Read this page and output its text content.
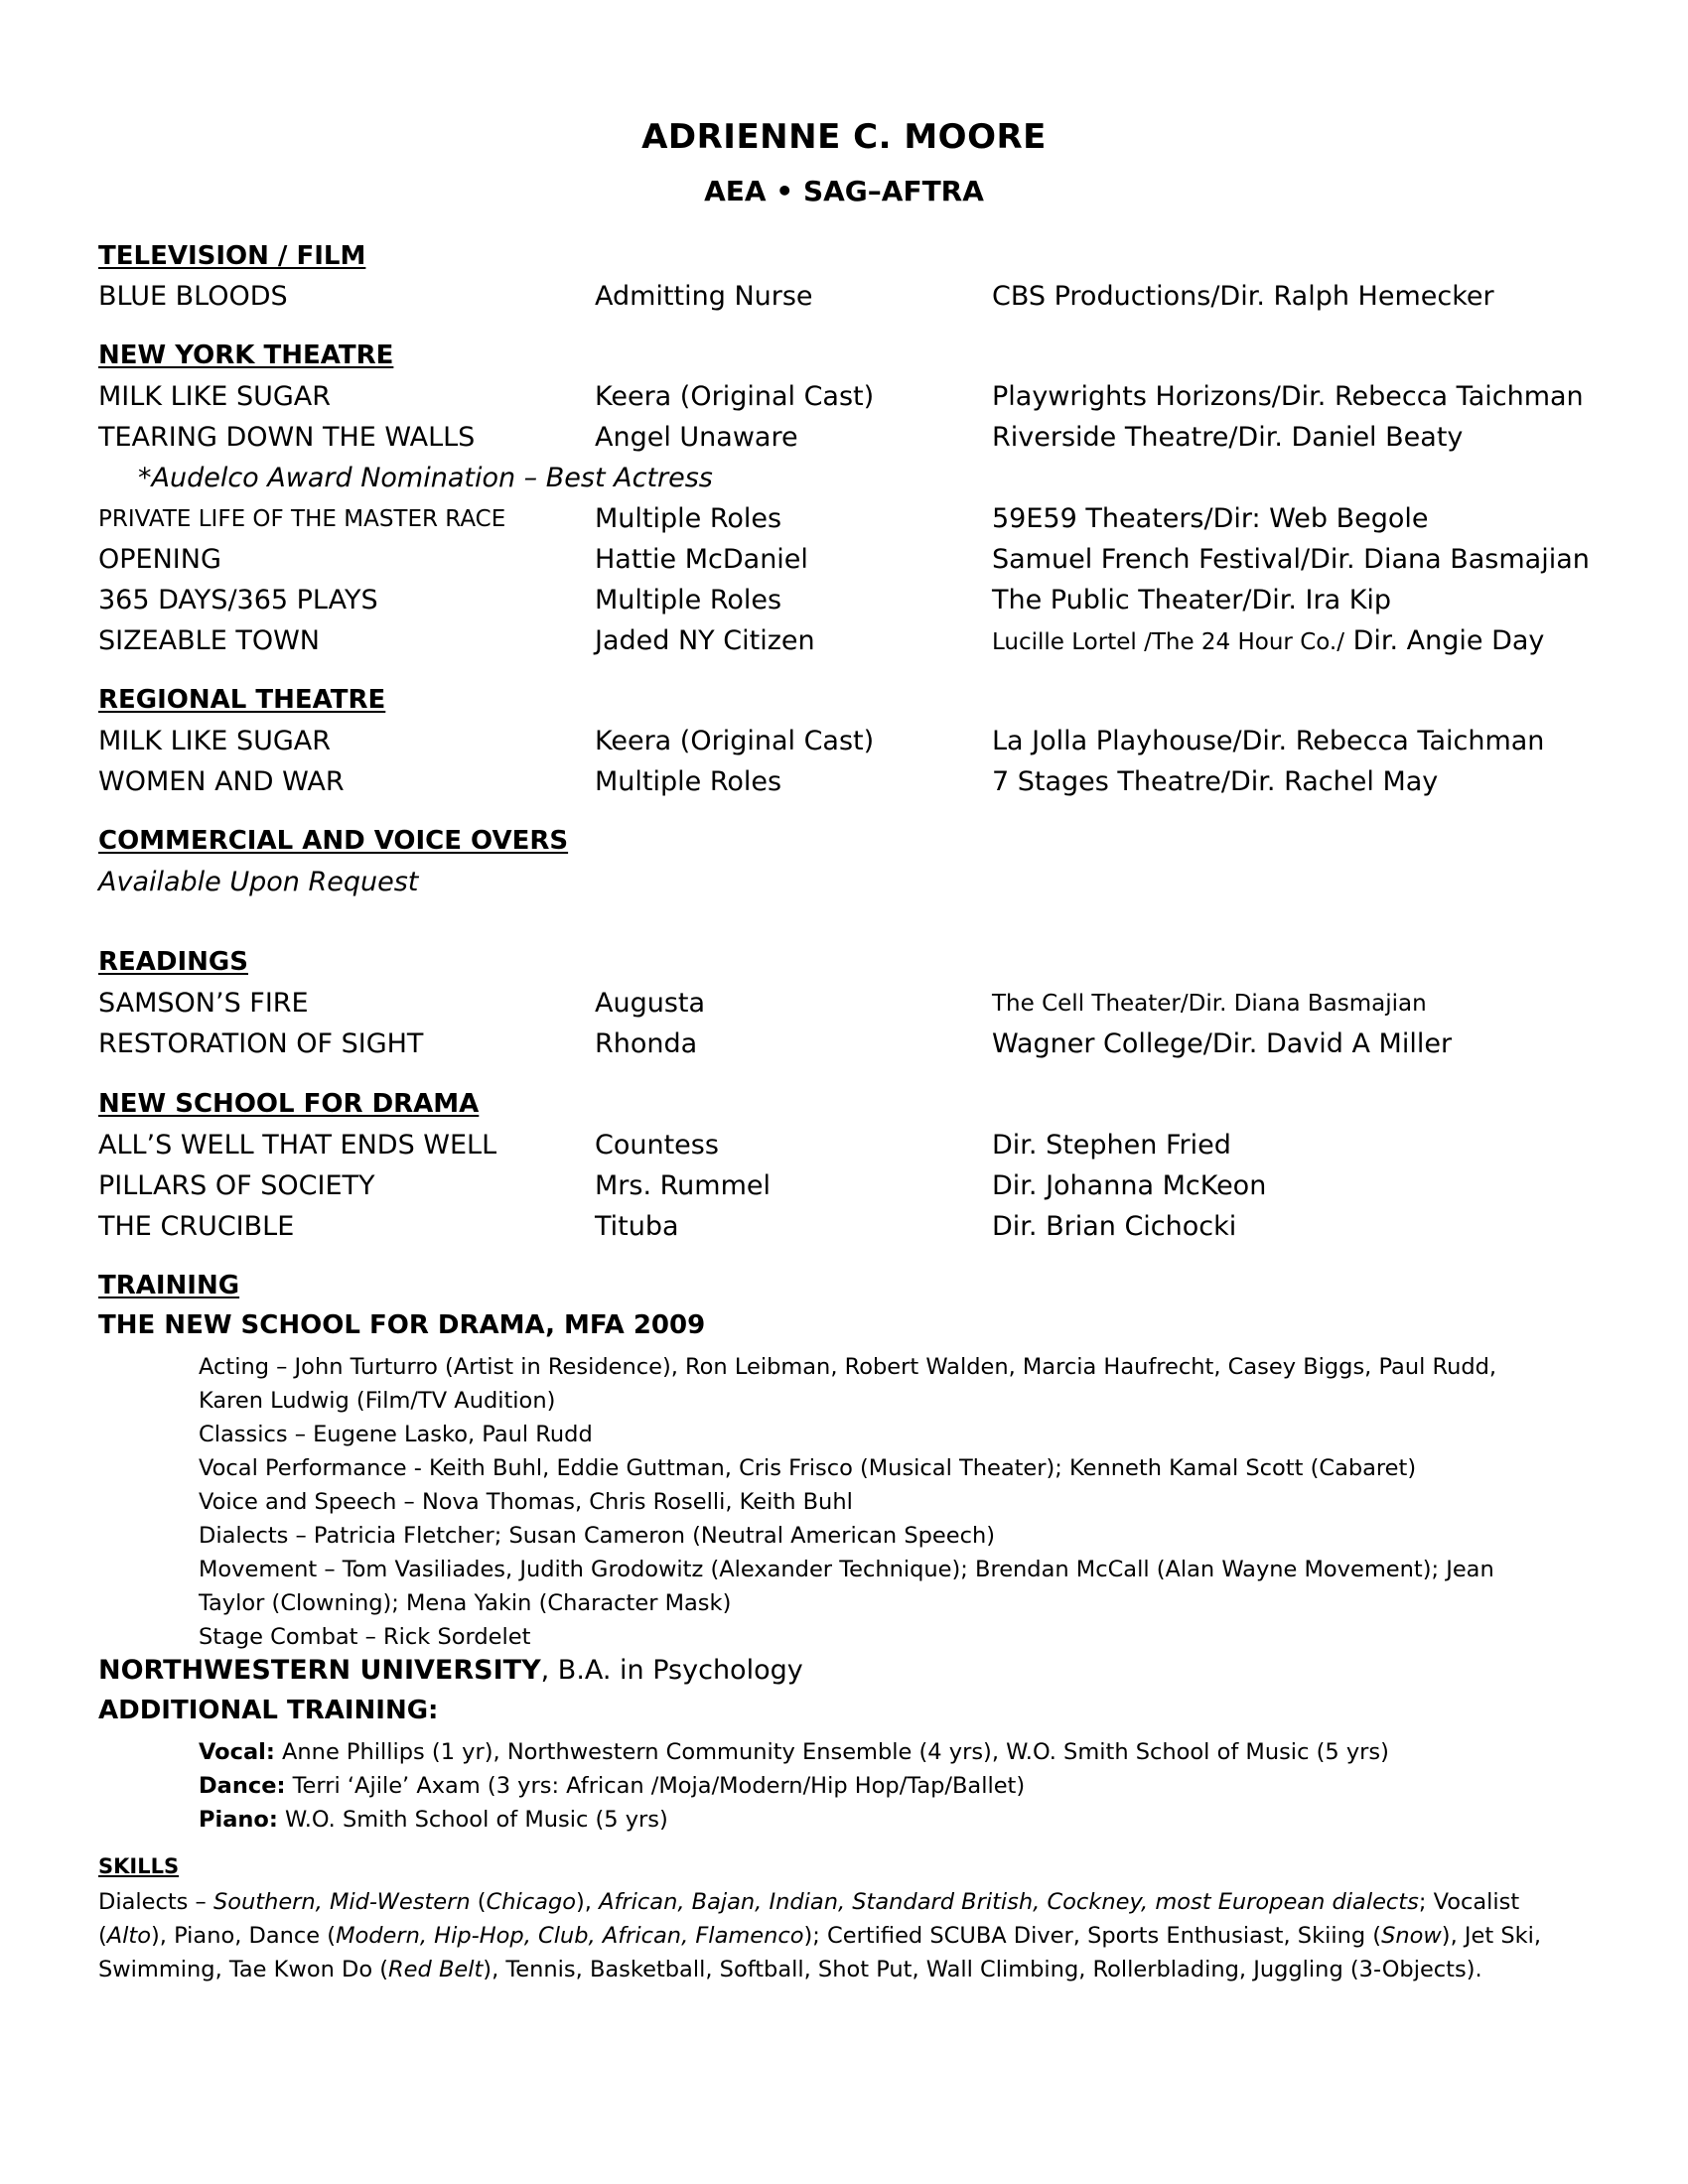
ADRIENNE C. MOORE
AEA • SAG–AFTRA
TELEVISION / FILM
BLUE BLOODS	Admitting Nurse	CBS Productions/Dir. Ralph Hemecker
NEW YORK THEATRE
MILK LIKE SUGAR	Keera (Original Cast)	Playwrights Horizons/Dir. Rebecca Taichman
TEARING DOWN THE WALLS	Angel Unaware	Riverside Theatre/Dir. Daniel Beaty
*Audelco Award Nomination – Best Actress
PRIVATE LIFE OF THE MASTER RACE	Multiple Roles	59E59 Theaters/Dir: Web Begole
OPENING	Hattie McDaniel	Samuel French Festival/Dir. Diana Basmajian
365 DAYS/365 PLAYS	Multiple Roles	The Public Theater/Dir. Ira Kip
SIZEABLE TOWN	Jaded NY Citizen	Lucille Lortel /The 24 Hour Co./ Dir. Angie Day
REGIONAL THEATRE
MILK LIKE SUGAR	Keera (Original Cast)	La Jolla Playhouse/Dir. Rebecca Taichman
WOMEN AND WAR	Multiple Roles	7 Stages Theatre/Dir. Rachel May
COMMERCIAL AND VOICE OVERS
Available Upon Request
READINGS
SAMSON’S FIRE	Augusta	The Cell Theater/Dir. Diana Basmajian
RESTORATION OF SIGHT	Rhonda	Wagner College/Dir. David A Miller
NEW SCHOOL FOR DRAMA
ALL’S WELL THAT ENDS WELL	Countess	Dir. Stephen Fried
PILLARS OF SOCIETY	Mrs. Rummel	Dir. Johanna McKeon
THE CRUCIBLE	Tituba	Dir. Brian Cichocki
TRAINING
THE NEW SCHOOL FOR DRAMA, MFA 2009
Acting – John Turturro (Artist in Residence), Ron Leibman, Robert Walden, Marcia Haufrecht, Casey Biggs, Paul Rudd, Karen Ludwig (Film/TV Audition)
Classics – Eugene Lasko, Paul Rudd
Vocal Performance - Keith Buhl, Eddie Guttman, Cris Frisco (Musical Theater); Kenneth Kamal Scott (Cabaret)
Voice and Speech – Nova Thomas, Chris Roselli, Keith Buhl
Dialects – Patricia Fletcher; Susan Cameron (Neutral American Speech)
Movement – Tom Vasiliades, Judith Grodowitz (Alexander Technique); Brendan McCall (Alan Wayne Movement); Jean Taylor (Clowning); Mena Yakin (Character Mask)
Stage Combat – Rick Sordelet
NORTHWESTERN UNIVERSITY, B.A. in Psychology
ADDITIONAL TRAINING:
Vocal: Anne Phillips (1 yr), Northwestern Community Ensemble (4 yrs), W.O. Smith School of Music (5 yrs)
Dance: Terri ‘Ajile’ Axam (3 yrs: African /Moja/Modern/Hip Hop/Tap/Ballet)
Piano: W.O. Smith School of Music (5 yrs)
SKILLS
Dialects – Southern, Mid-Western (Chicago), African, Bajan, Indian, Standard British, Cockney, most European dialects; Vocalist (Alto), Piano, Dance (Modern, Hip-Hop, Club, African, Flamenco); Certified SCUBA Diver, Sports Enthusiast, Skiing (Snow), Jet Ski, Swimming, Tae Kwon Do (Red Belt), Tennis, Basketball, Softball, Shot Put, Wall Climbing, Rollerblading, Juggling (3-Objects).
